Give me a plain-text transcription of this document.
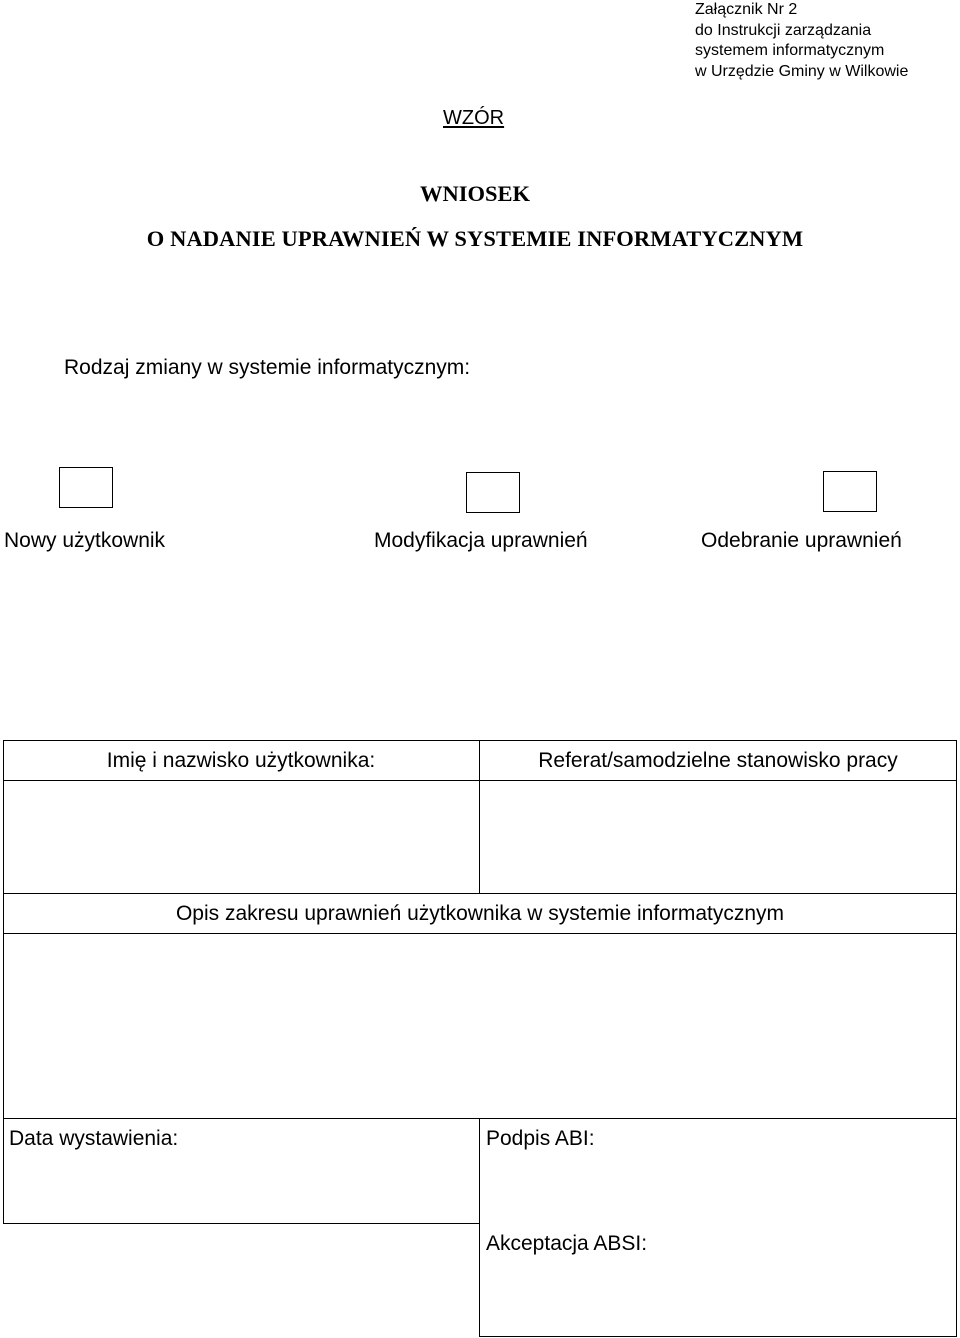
Załącznik Nr 2
do Instrukcji zarządzania
systemem informatycznym
w Urzędzie Gminy w Wilkowie
WZÓR
WNIOSEK
O NADANIE UPRAWNIEŃ W SYSTEMIE INFORMATYCZNYM
Rodzaj zmiany w systemie informatycznym:
Nowy użytkownik	Modyfikacja uprawnień	Odebranie uprawnień
Imię i nazwisko użytkownika:	Referat/samodzielne stanowisko pracy
Opis zakresu uprawnień użytkownika w systemie informatycznym
Data wystawienia:	Podpis ABI:
Akceptacja ABSI:
